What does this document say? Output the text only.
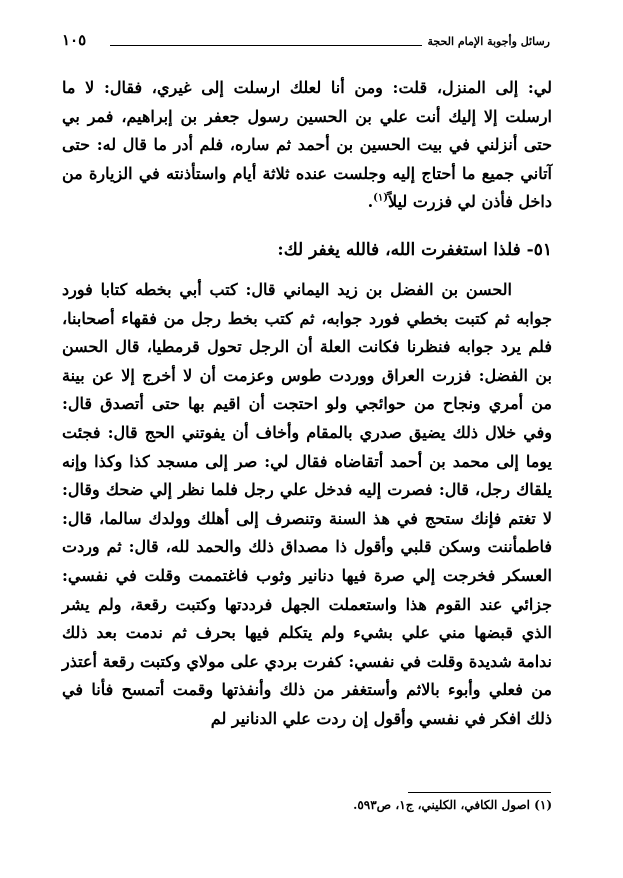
رسائل وأجوبة الإمام الحجة
١٠٥

لي: إلى المنزل، قلت: ومن أنا لعلك ارسلت إلى غيري، فقال: لا ما ارسلت إلا إليك أنت علي بن الحسين رسول جعفر بن إبراهيم، فمر بي حتى أنزلني في بيت الحسين بن أحمد ثم ساره، فلم أدر ما قال له: حتى آتاني جميع ما أحتاج إليه وجلست عنده ثلاثة أيام واستأذنته في الزيارة من داخل فأذن لي فزرت ليلاً$^{(١)}$.

٥١- فلذا استغفرت الله، فالله يغفر لك:

الحسن بن الفضل بن زيد اليماني قال: كتب أبي بخطه كتابا فورد جوابه ثم كتبت بخطي فورد جوابه، ثم كتب بخط رجل من فقهاء أصحابنا، فلم يرد جوابه فنظرنا فكانت العلة أن الرجل تحول قرمطيا، قال الحسن بن الفضل: فزرت العراق ووردت طوس وعزمت أن لا أخرج إلا عن بينة من أمري ونجاح من حوائجي ولو احتجت أن اقيم بها حتى أتصدق قال: وفي خلال ذلك يضيق صدري بالمقام وأخاف أن يفوتني الحج قال: فجئت يوما إلى محمد بن أحمد أتقاضاه فقال لي: صر إلى مسجد كذا وكذا وإنه يلقاك رجل، قال: فصرت إليه فدخل علي رجل فلما نظر إلي ضحك وقال: لا تغتم فإنك ستحج في هذ السنة وتنصرف إلى أهلك وولدك سالما، قال: فاطمأننت وسكن قلبي وأقول ذا مصداق ذلك والحمد لله، قال: ثم وردت العسكر فخرجت إلي صرة فيها دنانير وثوب فاغتممت وقلت في نفسي: جزائي عند القوم هذا واستعملت الجهل فرددتها وكتبت رقعة، ولم يشر الذي قبضها مني علي بشيء ولم يتكلم فيها بحرف ثم ندمت بعد ذلك ندامة شديدة وقلت في نفسي: كفرت بردي على مولاي وكتبت رقعة أعتذر من فعلي وأبوء بالاثم وأستغفر من ذلك وأنفذتها وقمت أتمسح فأنا في ذلك افكر في نفسي وأقول إن ردت علي الدنانير لم

(١) اصول الكافي، الكليني، ج١، ص٥٩٣.
